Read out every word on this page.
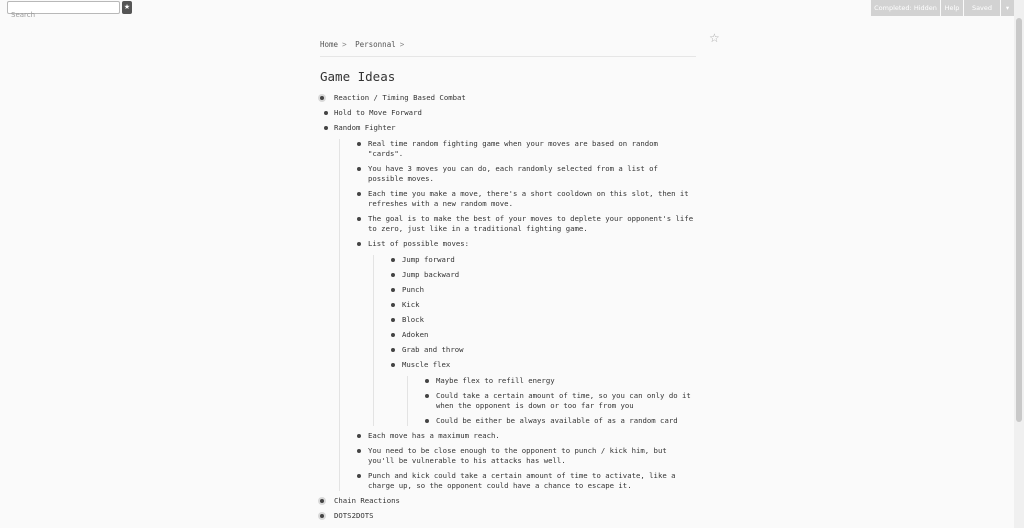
Search
★	Completed: Hidden	Help	Saved	▾
☆
Home > Personnal >
Game Ideas
Reaction / Timing Based Combat
Hold to Move Forward
Random Fighter
Real time random fighting game when your moves are based on random "cards".
You have 3 moves you can do, each randomly selected from a list of possible moves.
Each time you make a move, there's a short cooldown on this slot, then it refreshes with a new random move.
The goal is to make the best of your moves to deplete your opponent's life to zero, just like in a traditional fighting game.
List of possible moves:
Jump forward
Jump backward
Punch
Kick
Block
Adoken
Grab and throw
Muscle flex
Maybe flex to refill energy
Could take a certain amount of time, so you can only do it when the opponent is down or too far from you
Could be either be always available of as a random card
Each move has a maximum reach.
You need to be close enough to the opponent to punch / kick him, but you'll be vulnerable to his attacks has well.
Punch and kick could take a certain amount of time to activate, like a charge up, so the opponent could have a chance to escape it.
Chain Reactions
DOTS2DOTS
